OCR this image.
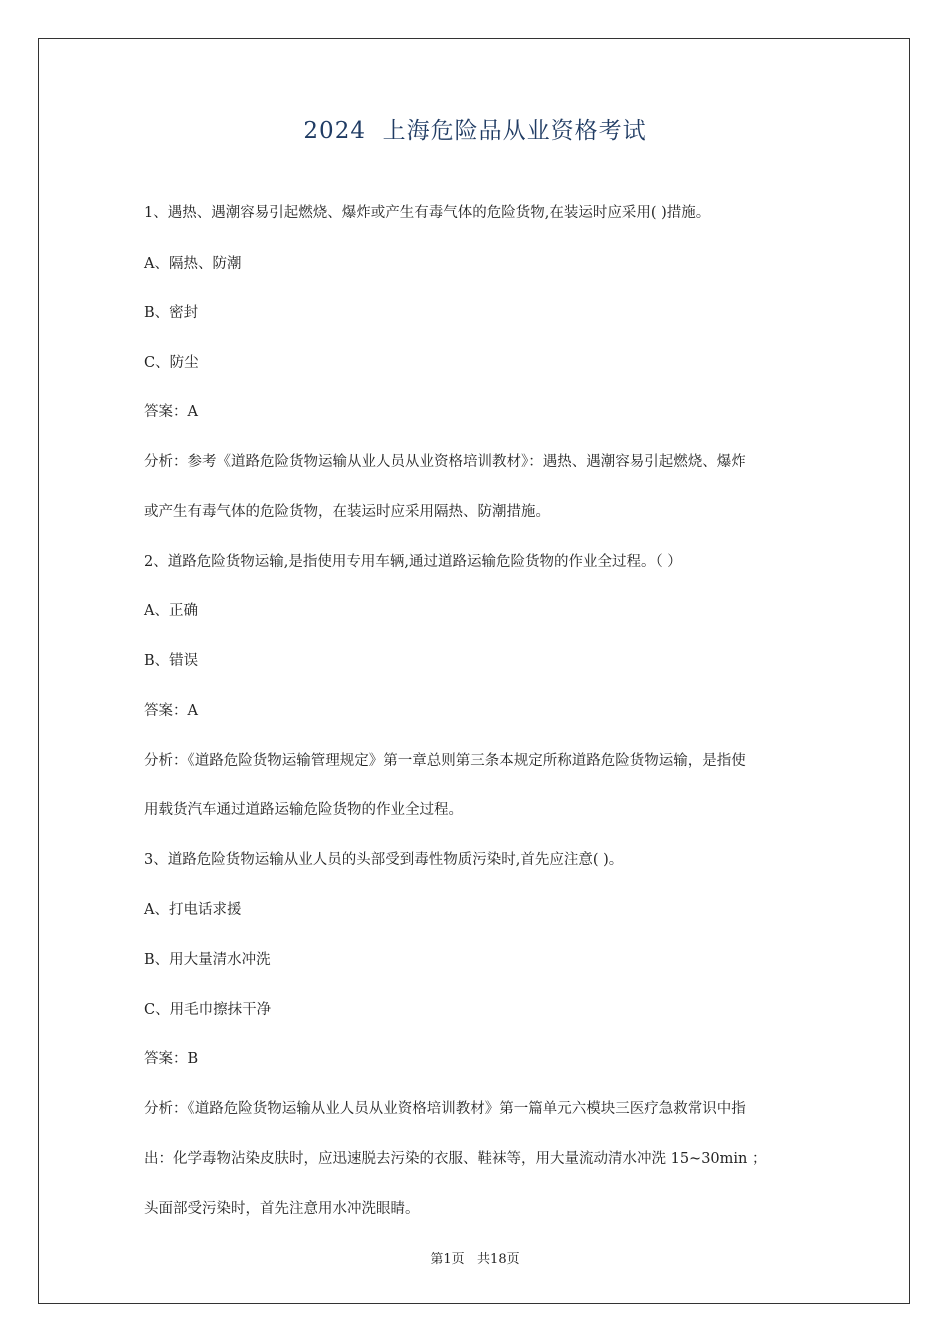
2024  上海危险品从业资格考试

1、遇热、遇潮容易引起燃烧、爆炸或产生有毒气体的危险货物,在装运时应采用( )措施。

A、隔热、防潮

B、密封

C、防尘

答案：A

分析：参考《道路危险货物运输从业人员从业资格培训教材》：遇热、遇潮容易引起燃烧、爆炸

或产生有毒气体的危险货物，在装运时应采用隔热、防潮措施。

2、道路危险货物运输,是指使用专用车辆,通过道路运输危险货物的作业全过程。（ ）

A、正确

B、错误

答案：A

分析：《道路危险货物运输管理规定》第一章总则第三条本规定所称道路危险货物运输，是指使

用载货汽车通过道路运输危险货物的作业全过程。

3、道路危险货物运输从业人员的头部受到毒性物质污染时,首先应注意( )。

A、打电话求援

B、用大量清水冲洗

C、用毛巾擦抹干净

答案：B

分析：《道路危险货物运输从业人员从业资格培训教材》第一篇单元六模块三医疗急救常识中指

出：化学毒物沾染皮肤时，应迅速脱去污染的衣服、鞋袜等，用大量流动清水冲洗 15~30min ；

头面部受污染时，首先注意用水冲洗眼睛。

第1页   共18页
